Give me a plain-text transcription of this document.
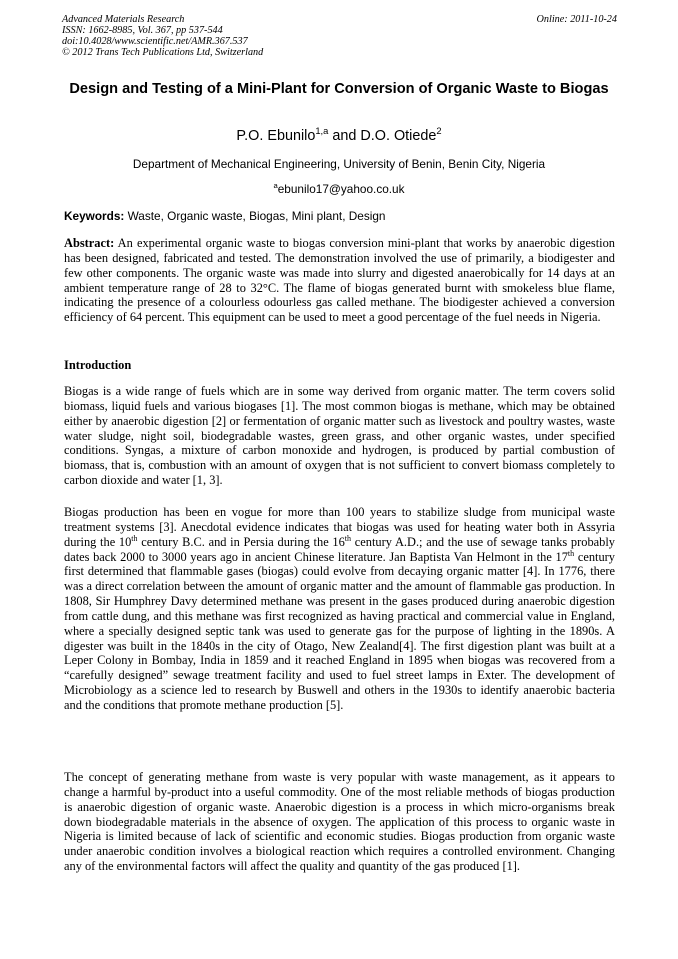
Advanced Materials Research
ISSN: 1662-8985, Vol. 367, pp 537-544
doi:10.4028/www.scientific.net/AMR.367.537
© 2012 Trans Tech Publications Ltd, Switzerland
Online: 2011-10-24
Design and Testing of a Mini-Plant for Conversion of Organic Waste to Biogas
P.O. Ebunilo$^{1,a}$ and D.O. Otiede$^2$
Department of Mechanical Engineering, University of Benin, Benin City, Nigeria
$^a$ebunilo17@yahoo.co.uk
Keywords: Waste, Organic waste, Biogas, Mini plant, Design
Abstract: An experimental organic waste to biogas conversion mini-plant that works by anaerobic digestion has been designed, fabricated and tested. The demonstration involved the use of primarily, a biodigester and few other components. The organic waste was made into slurry and digested anaerobically for 14 days at an ambient temperature range of 28 to 32°C. The flame of biogas generated burnt with smokeless blue flame, indicating the presence of a colourless odourless gas called methane. The biodigester achieved a conversion efficiency of 64 percent. This equipment can be used to meet a good percentage of the fuel needs in Nigeria.
Introduction
Biogas is a wide range of fuels which are in some way derived from organic matter. The term covers solid biomass, liquid fuels and various biogases [1]. The most common biogas is methane, which may be obtained either by anaerobic digestion [2] or fermentation of organic matter such as livestock and poultry wastes, waste water sludge, night soil, biodegradable wastes, green grass, and other organic wastes, under specified conditions. Syngas, a mixture of carbon monoxide and hydrogen, is produced by partial combustion of biomass, that is, combustion with an amount of oxygen that is not sufficient to convert biomass completely to carbon dioxide and water [1, 3].
Biogas production has been en vogue for more than 100 years to stabilize sludge from municipal waste treatment systems [3]. Anecdotal evidence indicates that biogas was used for heating water both in Assyria during the 10th century B.C. and in Persia during the 16th century A.D.; and the use of sewage tanks probably dates back 2000 to 3000 years ago in ancient Chinese literature. Jan Baptista Van Helmont in the 17th century first determined that flammable gases (biogas) could evolve from decaying organic matter [4]. In 1776, there was a direct correlation between the amount of organic matter and the amount of flammable gas production. In 1808, Sir Humphrey Davy determined methane was present in the gases produced during anaerobic digestion from cattle dung, and this methane was first recognized as having practical and commercial value in England, where a specially designed septic tank was used to generate gas for the purpose of lighting in the 1890s. A digester was built in the 1840s in the city of Otago, New Zealand[4]. The first digestion plant was built at a Leper Colony in Bombay, India in 1859 and it reached England in 1895 when biogas was recovered from a “carefully designed” sewage treatment facility and used to fuel street lamps in Exter. The development of Microbiology as a science led to research by Buswell and others in the 1930s to identify anaerobic bacteria and the conditions that promote methane production [5].
The concept of generating methane from waste is very popular with waste management, as it appears to change a harmful by-product into a useful commodity. One of the most reliable methods of biogas production is anaerobic digestion of organic waste. Anaerobic digestion is a process in which micro-organisms break down biodegradable materials in the absence of oxygen. The application of this process to organic waste in Nigeria is limited because of lack of scientific and economic studies. Biogas production from organic waste under anaerobic condition involves a biological reaction which requires a controlled environment. Changing any of the environmental factors will affect the quality and quantity of the gas produced [1].
